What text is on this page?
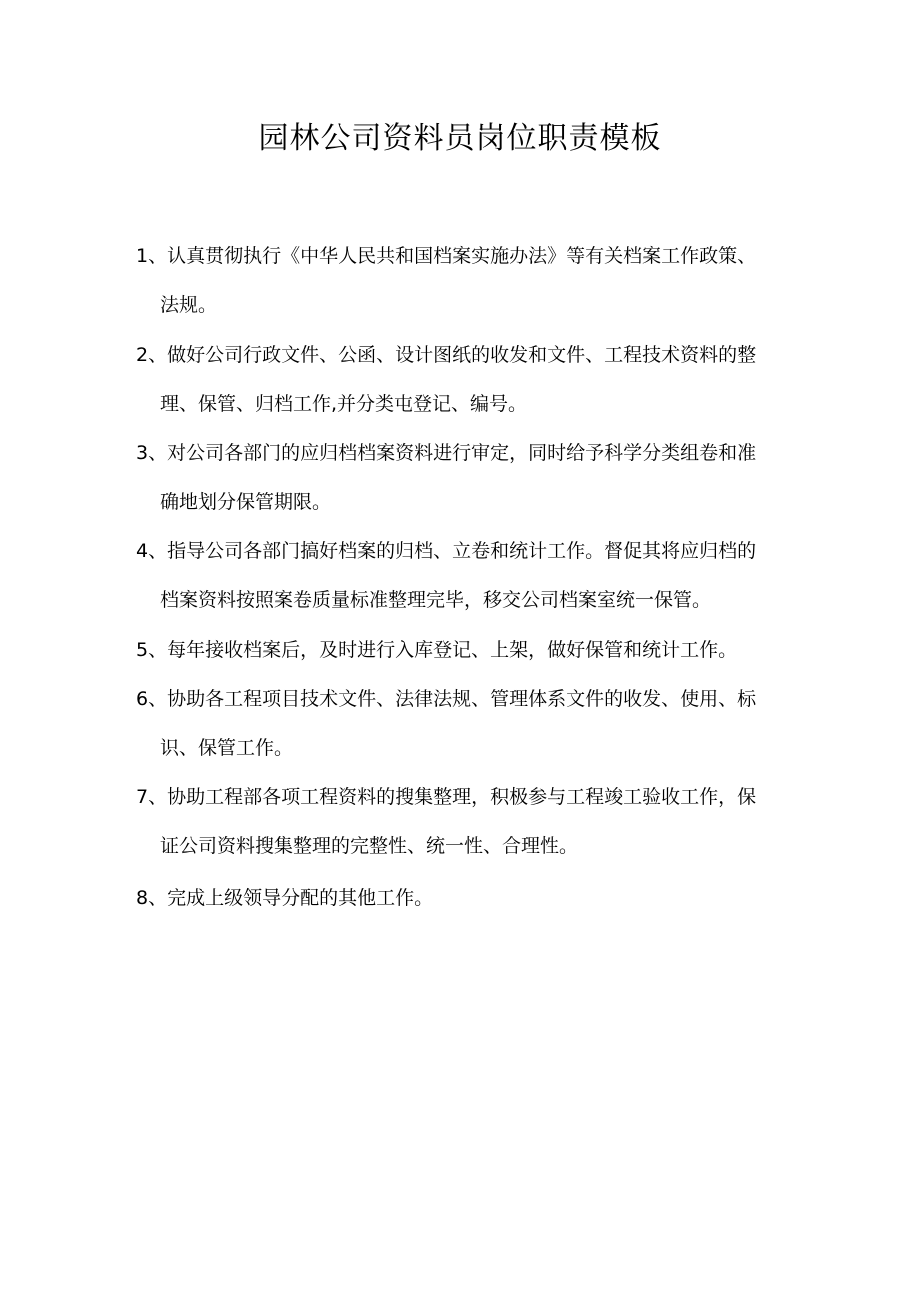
园林公司资料员岗位职责模板
1、认真贯彻执行《中华人民共和国档案实施办法》等有关档案工作政策、
法规。
2、做好公司行政文件、公函、设计图纸的收发和文件、工程技术资料的整
理、保管、归档工作,并分类屯登记、编号。
3、对公司各部门的应归档档案资料进行审定，同时给予科学分类组卷和准
确地划分保管期限。
4、指导公司各部门搞好档案的归档、立卷和统计工作。督促其将应归档的
档案资料按照案卷质量标准整理完毕，移交公司档案室统一保管。
5、每年接收档案后，及时进行入库登记、上架，做好保管和统计工作。
6、协助各工程项目技术文件、法律法规、管理体系文件的收发、使用、标
识、保管工作。
7、协助工程部各项工程资料的搜集整理，积极参与工程竣工验收工作，保
证公司资料搜集整理的完整性、统一性、合理性。
8、完成上级领导分配的其他工作。
